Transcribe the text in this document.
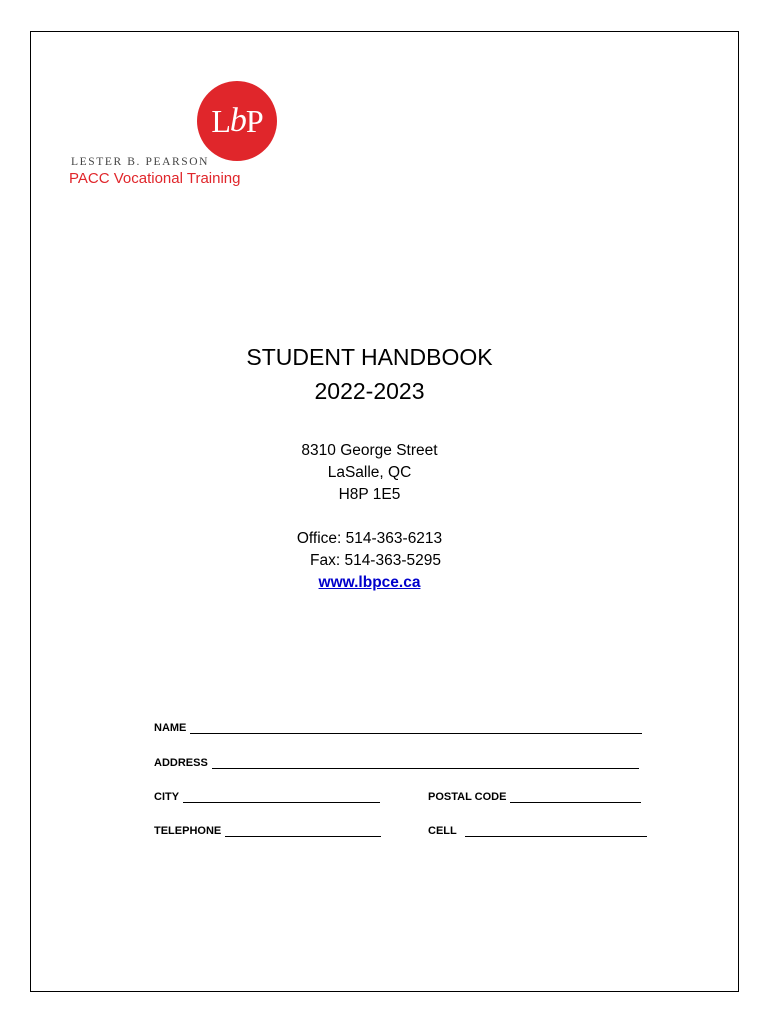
L b P
LESTER B. PEARSON
PACC Vocational Training
STUDENT HANDBOOK
2022-2023
8310 George Street
LaSalle, QC
H8P 1E5
Office: 514-363-6213
Fax: 514-363-5295
www.lbpce.ca
NAME
ADDRESS
CITY	POSTAL CODE
TELEPHONE	CELL
